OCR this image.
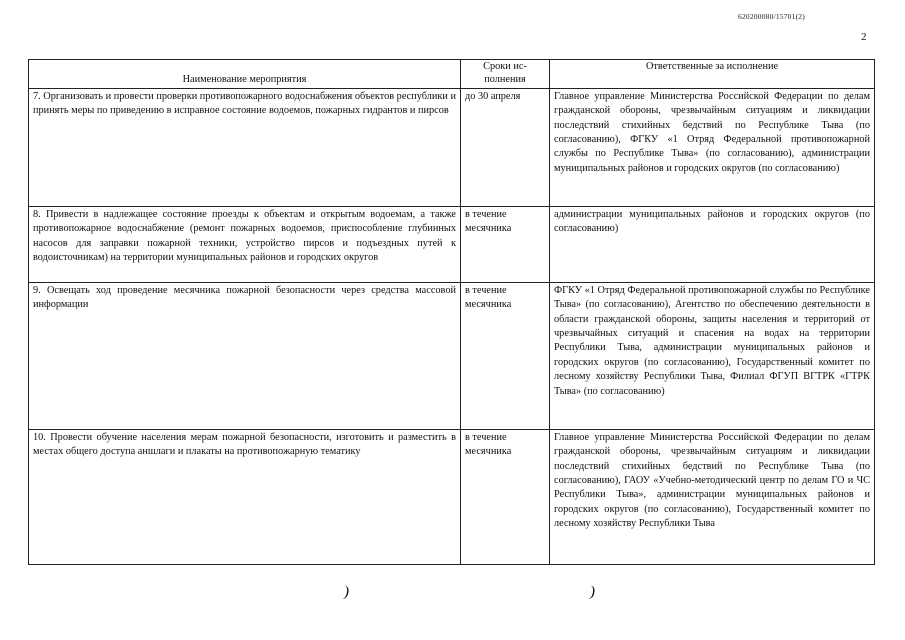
620200080/15701(2)
2
Наименование мероприятия	Сроки ис- полнения	Ответственные за исполнение
7. Организовать и провести проверки противопожарного водоснабжения объектов республики и принять меры по приведению в исправное состояние водоемов, пожарных гидрантов и пирсов	до 30 апреля	Главное управление Министерства Российской Федерации по делам гражданской обороны, чрезвычайным ситуациям и ликвидации последствий стихийных бедствий по Республике Тыва (по согласованию), ФГКУ «1 Отряд Федеральной противопожарной службы по Республике Тыва» (по согласованию), администрации муниципальных районов и городских округов (по согласованию)
8. Привести в надлежащее состояние проезды к объектам и открытым водоемам, а также противопожарное водоснабжение (ремонт пожарных водоемов, приспособление глубинных насосов для заправки пожарной техники, устройство пирсов и подъездных путей к водоисточникам) на территории муниципальных районов и городских округов	в течение месячника	администрации муниципальных районов и городских округов (по согласованию)
9. Освещать ход проведение месячника пожарной безопасности через средства массовой информации	в течение месячника	ФГКУ «1 Отряд Федеральной противопожарной службы по Республике Тыва» (по согласованию), Агентство по обеспечению деятельности в области гражданской обороны, защиты населения и территорий от чрезвычайных ситуаций и спасения на водах на территории Республики Тыва, администрации муниципальных районов и городских округов (по согласованию), Государственный комитет по лесному хозяйству Республики Тыва, Филиал ФГУП ВГТРК «ГТРК Тыва» (по согласованию)
10. Провести обучение населения мерам пожарной безопасности, изготовить и разместить в местах общего доступа аншлаги и плакаты на противопожарную тематику	в течение месячника	Главное управление Министерства Российской Федерации по делам гражданской обороны, чрезвычайным ситуациям и ликвидации последствий стихийных бедствий по Республике Тыва (по согласованию), ГАОУ «Учебно-методический центр по делам ГО и ЧС Республики Тыва», администрации муниципальных районов и городских округов (по согласованию), Государственный комитет по лесному хозяйству Республики Тыва
)	)
